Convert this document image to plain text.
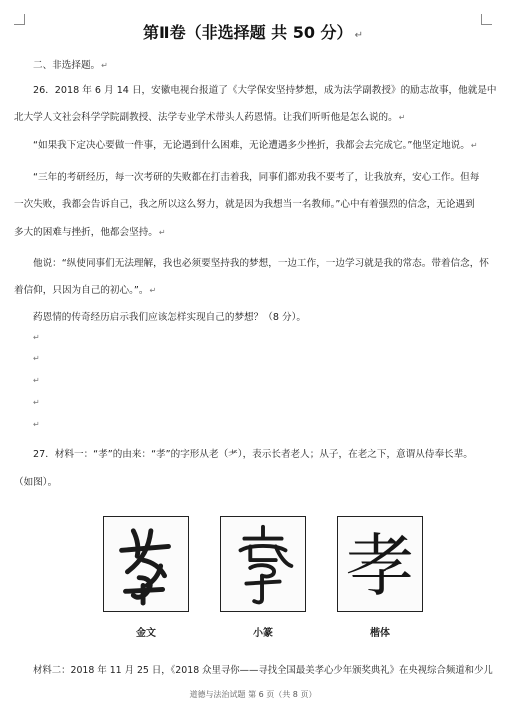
第Ⅱ卷（非选择题 共 50 分） ↵
二、非选择题。↵
26．2018 年 6 月 14 日，安徽电视台报道了《大学保安坚持梦想，成为法学副教授》的励志故事，他就是中
北大学人文社会科学学院副教授、法学专业学术带头人药恩情。让我们听听他是怎么说的。↵
“如果我下定决心要做一件事，无论遇到什么困难，无论遭遇多少挫折，我都会去完成它。”他坚定地说。↵
“三年的考研经历，每一次考研的失败都在打击着我，同事们都劝我不要考了，让我放弃，安心工作。但每
一次失败，我都会告诉自己，我之所以这么努力，就是因为我想当一名教师。”心中有着强烈的信念，无论遇到
多大的困难与挫折，他都会坚持。↵
他说：“纵使同事们无法理解，我也必须要坚持我的梦想，一边工作，一边学习就是我的常态。带着信念，怀
着信仰，只因为自己的初心。”。↵
药恩情的传奇经历启示我们应该怎样实现自己的梦想？（8 分）。
↵
↵
↵
↵
↵
27．材料一：“孝”的由来：“孝”的字形从老（耂），表示长者老人；从子，在老之下，意谓从侍奉长辈。
（如图）。
金文	小篆
孝
楷体
材料二：2018 年 11 月 25 日，《2018 众里寻你——寻找全国最美孝心少年颁奖典礼》在央视综合频道和少儿
道德与法治试题 第 6 页（共 8 页）
